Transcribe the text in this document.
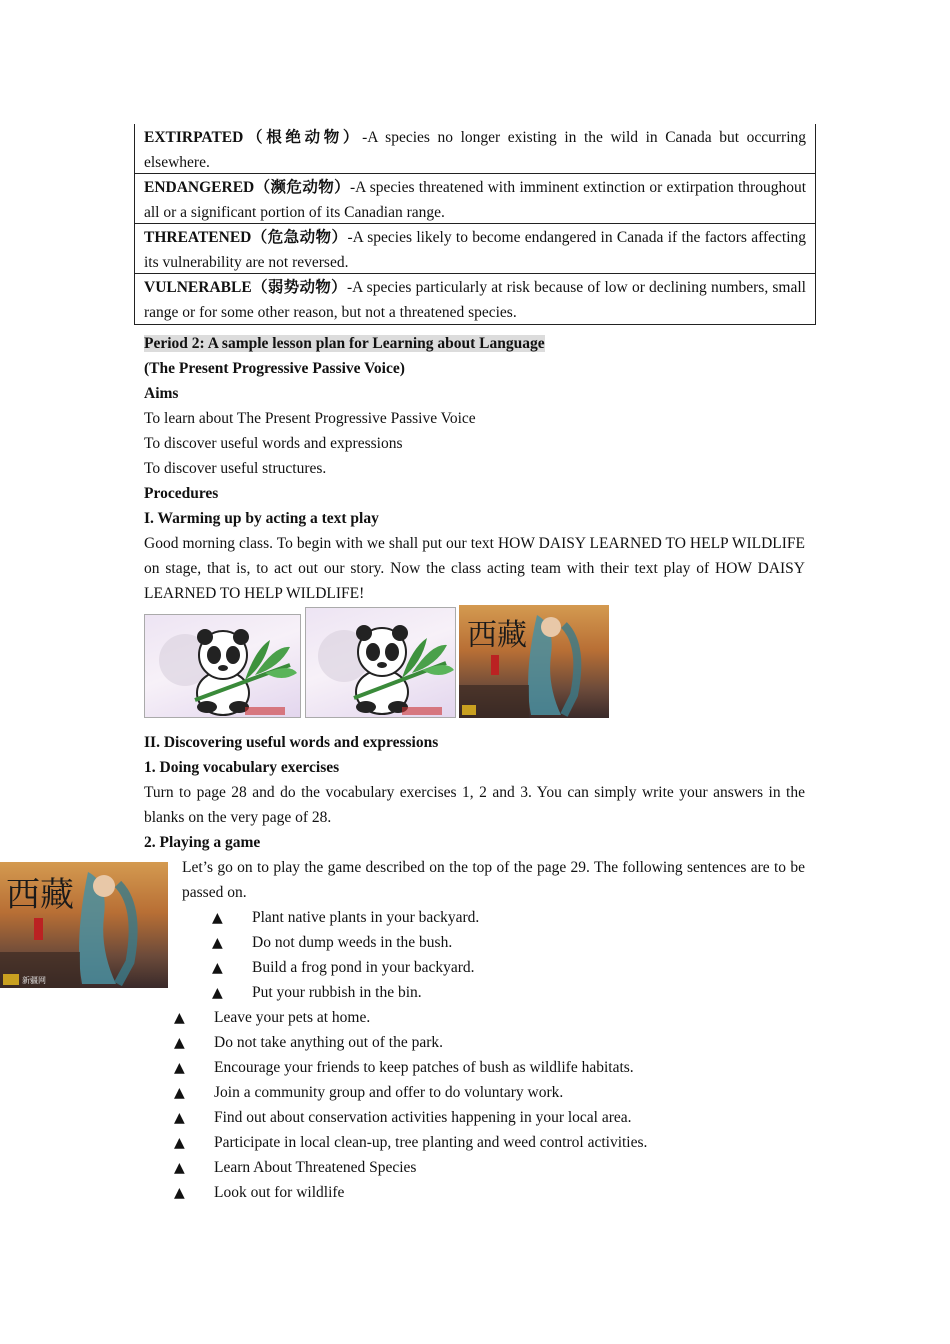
EXTIRPATED（根绝动物）-A species no longer existing in the wild in Canada but occurring elsewhere.
ENDANGERED（濒危动物）-A species threatened with imminent extinction or extirpation throughout all or a significant portion of its Canadian range.
THREATENED（危急动物）-A species likely to become endangered in Canada if the factors affecting its vulnerability are not reversed.
VULNERABLE（弱势动物）-A species particularly at risk because of low or declining numbers, small range or for some other reason, but not a threatened species.
Period 2: A sample lesson plan for Learning about Language
(The Present Progressive Passive Voice)
Aims
To learn about The Present Progressive Passive Voice
To discover useful words and expressions
To discover useful structures.
Procedures
I. Warming up by acting a text play
Good morning class. To begin with we shall put our text HOW DAISY LEARNED TO HELP WILDLIFE on stage, that is, to act out our story. Now the class acting team with their text play of HOW DAISY LEARNED TO HELP WILDLIFE!
西藏
II. Discovering useful words and expressions
1. Doing vocabulary exercises
Turn to page 28 and do the vocabulary exercises 1, 2 and 3. You can simply write your answers in the blanks on the very page of 28.
2. Playing a game
西藏
新疆网
Let’s go on to play the game described on the top of the page 29. The following sentences are to be passed on.
▲ Plant native plants in your backyard.
▲ Do not dump weeds in the bush.
▲ Build a frog pond in your backyard.
▲ Put your rubbish in the bin.
▲ Leave your pets at home.
▲ Do not take anything out of the park.
▲ Encourage your friends to keep patches of bush as wildlife habitats.
▲ Join a community group and offer to do voluntary work.
▲ Find out about conservation activities happening in your local area.
▲ Participate in local clean-up, tree planting and weed control activities.
▲ Learn About Threatened Species
▲ Look out for wildlife
